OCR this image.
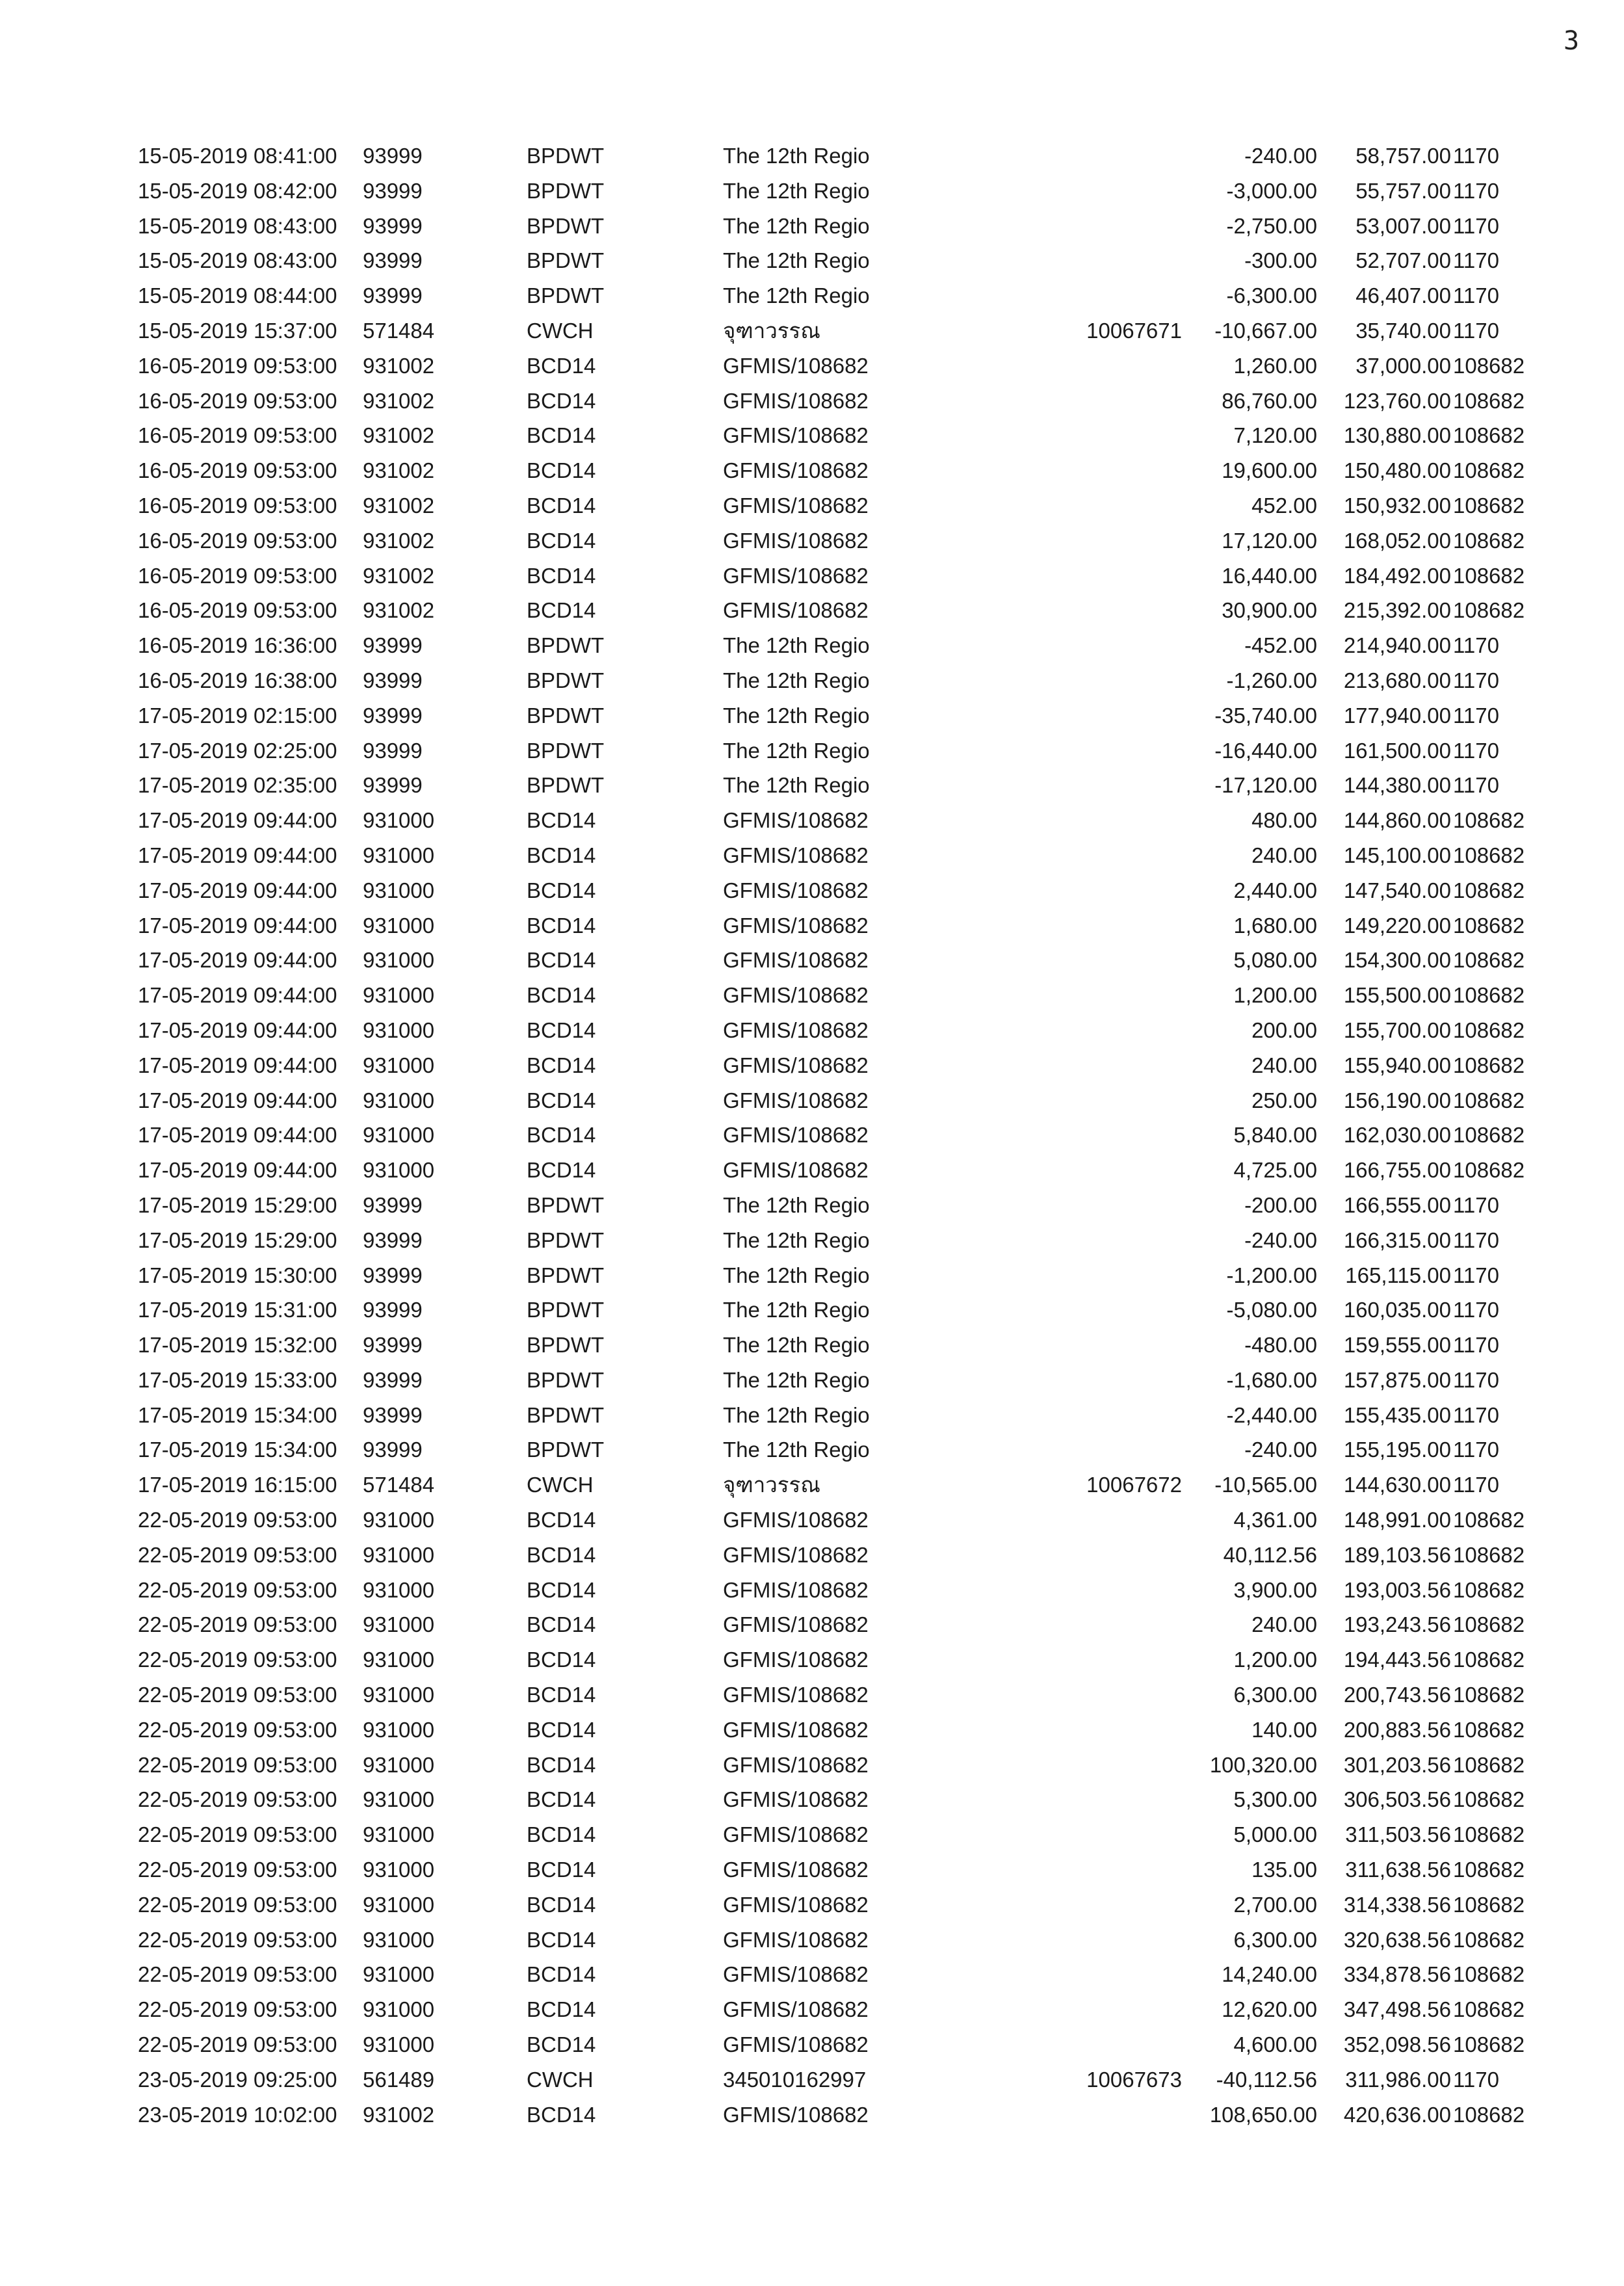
3
15-05-2019 08:41:00 93999	BPDWT	The 12th Regio	-240.00 58,757.00 1170
15-05-2019 08:42:00 93999	BPDWT	The 12th Regio	-3,000.00 55,757.00 1170
15-05-2019 08:43:00 93999	BPDWT	The 12th Regio	-2,750.00 53,007.00 1170
15-05-2019 08:43:00 93999	BPDWT	The 12th Regio	-300.00 52,707.00 1170
15-05-2019 08:44:00 93999	BPDWT	The 12th Regio	-6,300.00 46,407.00 1170
15-05-2019 15:37:00 571484	CWCH	จุฑาวรรณ	10067671 -10,667.00 35,740.00 1170
16-05-2019 09:53:00 931002	BCD14	GFMIS/108682	1,260.00 37,000.00 108682
16-05-2019 09:53:00 931002	BCD14	GFMIS/108682	86,760.00 123,760.00 108682
16-05-2019 09:53:00 931002	BCD14	GFMIS/108682	7,120.00 130,880.00 108682
16-05-2019 09:53:00 931002	BCD14	GFMIS/108682	19,600.00 150,480.00 108682
16-05-2019 09:53:00 931002	BCD14	GFMIS/108682	452.00 150,932.00 108682
16-05-2019 09:53:00 931002	BCD14	GFMIS/108682	17,120.00 168,052.00 108682
16-05-2019 09:53:00 931002	BCD14	GFMIS/108682	16,440.00 184,492.00 108682
16-05-2019 09:53:00 931002	BCD14	GFMIS/108682	30,900.00 215,392.00 108682
16-05-2019 16:36:00 93999	BPDWT	The 12th Regio	-452.00 214,940.00 1170
16-05-2019 16:38:00 93999	BPDWT	The 12th Regio	-1,260.00 213,680.00 1170
17-05-2019 02:15:00 93999	BPDWT	The 12th Regio	-35,740.00 177,940.00 1170
17-05-2019 02:25:00 93999	BPDWT	The 12th Regio	-16,440.00 161,500.00 1170
17-05-2019 02:35:00 93999	BPDWT	The 12th Regio	-17,120.00 144,380.00 1170
17-05-2019 09:44:00 931000	BCD14	GFMIS/108682	480.00 144,860.00 108682
17-05-2019 09:44:00 931000	BCD14	GFMIS/108682	240.00 145,100.00 108682
17-05-2019 09:44:00 931000	BCD14	GFMIS/108682	2,440.00 147,540.00 108682
17-05-2019 09:44:00 931000	BCD14	GFMIS/108682	1,680.00 149,220.00 108682
17-05-2019 09:44:00 931000	BCD14	GFMIS/108682	5,080.00 154,300.00 108682
17-05-2019 09:44:00 931000	BCD14	GFMIS/108682	1,200.00 155,500.00 108682
17-05-2019 09:44:00 931000	BCD14	GFMIS/108682	200.00 155,700.00 108682
17-05-2019 09:44:00 931000	BCD14	GFMIS/108682	240.00 155,940.00 108682
17-05-2019 09:44:00 931000	BCD14	GFMIS/108682	250.00 156,190.00 108682
17-05-2019 09:44:00 931000	BCD14	GFMIS/108682	5,840.00 162,030.00 108682
17-05-2019 09:44:00 931000	BCD14	GFMIS/108682	4,725.00 166,755.00 108682
17-05-2019 15:29:00 93999	BPDWT	The 12th Regio	-200.00 166,555.00 1170
17-05-2019 15:29:00 93999	BPDWT	The 12th Regio	-240.00 166,315.00 1170
17-05-2019 15:30:00 93999	BPDWT	The 12th Regio	-1,200.00 165,115.00 1170
17-05-2019 15:31:00 93999	BPDWT	The 12th Regio	-5,080.00 160,035.00 1170
17-05-2019 15:32:00 93999	BPDWT	The 12th Regio	-480.00 159,555.00 1170
17-05-2019 15:33:00 93999	BPDWT	The 12th Regio	-1,680.00 157,875.00 1170
17-05-2019 15:34:00 93999	BPDWT	The 12th Regio	-2,440.00 155,435.00 1170
17-05-2019 15:34:00 93999	BPDWT	The 12th Regio	-240.00 155,195.00 1170
17-05-2019 16:15:00 571484	CWCH	จุฑาวรรณ	10067672 -10,565.00 144,630.00 1170
22-05-2019 09:53:00 931000	BCD14	GFMIS/108682	4,361.00 148,991.00 108682
22-05-2019 09:53:00 931000	BCD14	GFMIS/108682	40,112.56 189,103.56 108682
22-05-2019 09:53:00 931000	BCD14	GFMIS/108682	3,900.00 193,003.56 108682
22-05-2019 09:53:00 931000	BCD14	GFMIS/108682	240.00 193,243.56 108682
22-05-2019 09:53:00 931000	BCD14	GFMIS/108682	1,200.00 194,443.56 108682
22-05-2019 09:53:00 931000	BCD14	GFMIS/108682	6,300.00 200,743.56 108682
22-05-2019 09:53:00 931000	BCD14	GFMIS/108682	140.00 200,883.56 108682
22-05-2019 09:53:00 931000	BCD14	GFMIS/108682	100,320.00 301,203.56 108682
22-05-2019 09:53:00 931000	BCD14	GFMIS/108682	5,300.00 306,503.56 108682
22-05-2019 09:53:00 931000	BCD14	GFMIS/108682	5,000.00 311,503.56 108682
22-05-2019 09:53:00 931000	BCD14	GFMIS/108682	135.00 311,638.56 108682
22-05-2019 09:53:00 931000	BCD14	GFMIS/108682	2,700.00 314,338.56 108682
22-05-2019 09:53:00 931000	BCD14	GFMIS/108682	6,300.00 320,638.56 108682
22-05-2019 09:53:00 931000	BCD14	GFMIS/108682	14,240.00 334,878.56 108682
22-05-2019 09:53:00 931000	BCD14	GFMIS/108682	12,620.00 347,498.56 108682
22-05-2019 09:53:00 931000	BCD14	GFMIS/108682	4,600.00 352,098.56 108682
23-05-2019 09:25:00 561489	CWCH	345010162997	10067673 -40,112.56 311,986.00 1170
23-05-2019 10:02:00 931002	BCD14	GFMIS/108682	108,650.00 420,636.00 108682
